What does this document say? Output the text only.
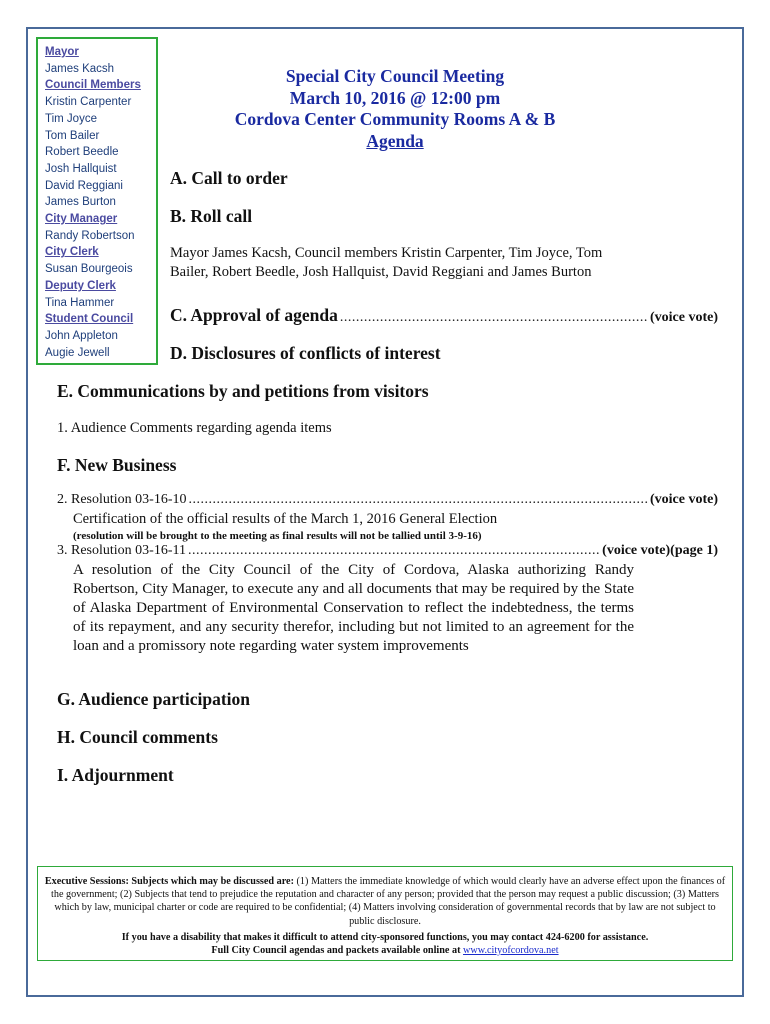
Mayor
James Kacsh
Council Members
Kristin Carpenter
Tim Joyce
Tom Bailer
Robert Beedle
Josh Hallquist
David Reggiani
James Burton
City Manager
Randy Robertson
City Clerk
Susan Bourgeois
Deputy Clerk
Tina Hammer
Student Council
John Appleton
Augie Jewell
Special City Council Meeting
March 10, 2016 @ 12:00 pm
Cordova Center Community Rooms A & B
Agenda
A. Call to order
B. Roll call
Mayor James Kacsh, Council members Kristin Carpenter, Tim Joyce, Tom Bailer, Robert Beedle, Josh Hallquist, David Reggiani and James Burton
C. Approval of agenda .....	(voice vote)
D. Disclosures of conflicts of interest
E. Communications by and petitions from visitors
1. Audience Comments regarding agenda items
F. New Business
2. Resolution 03-16-10 .....	(voice vote)
Certification of the official results of the March 1, 2016 General Election
(resolution will be brought to the meeting as final results will not be tallied until 3-9-16)
3. Resolution 03-16-11 .....	(voice vote)(page 1)
A resolution of the City Council of the City of Cordova, Alaska authorizing Randy Robertson, City Manager, to execute any and all documents that may be required by the State of Alaska Department of Environmental Conservation to reflect the indebtedness, the terms of its repayment, and any security therefor, including but not limited to an agreement for the loan and a promissory note regarding water system improvements
G. Audience participation
H. Council comments
I. Adjournment
Executive Sessions: Subjects which may be discussed are: (1) Matters the immediate knowledge of which would clearly have an adverse effect upon the finances of the government; (2) Subjects that tend to prejudice the reputation and character of any person; provided that the person may request a public discussion; (3) Matters which by law, municipal charter or code are required to be confidential; (4) Matters involving consideration of governmental records that by law are not subject to public disclosure.
If you have a disability that makes it difficult to attend city-sponsored functions, you may contact 424-6200 for assistance.
Full City Council agendas and packets available online at www.cityofcordova.net
